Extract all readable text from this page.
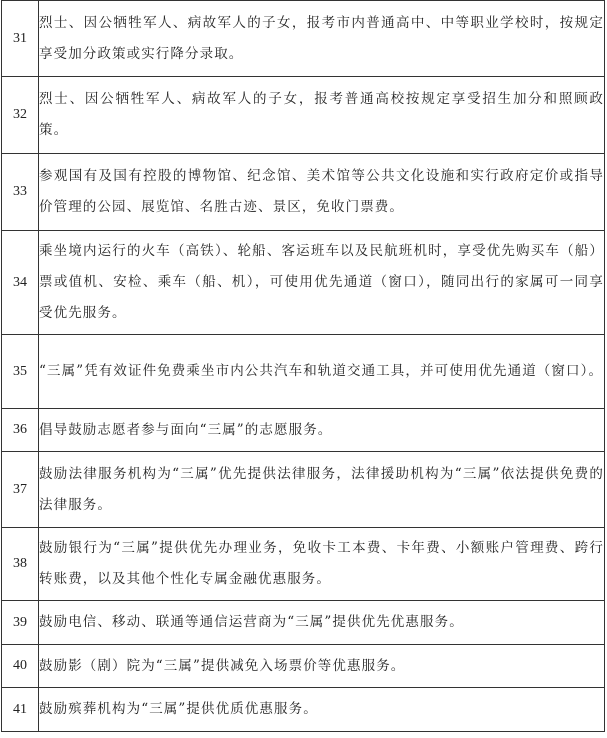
31	烈士、因公牺牲军人、病故军人的子女，报考市内普通高中、中等职业学校时，按规定享受加分政策或实行降分录取。
32	烈士、因公牺牲军人、病故军人的子女，报考普通高校按规定享受招生加分和照顾政策。
33	参观国有及国有控股的博物馆、纪念馆、美术馆等公共文化设施和实行政府定价或指导价管理的公园、展览馆、名胜古迹、景区，免收门票费。
34	乘坐境内运行的火车（高铁）、轮船、客运班车以及民航班机时，享受优先购买车（船）票或值机、安检、乘车（船、机），可使用优先通道（窗口），随同出行的家属可一同享受优先服务。
35	“三属”凭有效证件免费乘坐市内公共汽车和轨道交通工具，并可使用优先通道（窗口）。
36	倡导鼓励志愿者参与面向“三属”的志愿服务。
37	鼓励法律服务机构为“三属”优先提供法律服务，法律援助机构为“三属”依法提供免费的法律服务。
38	鼓励银行为“三属”提供优先办理业务，免收卡工本费、卡年费、小额账户管理费、跨行转账费，以及其他个性化专属金融优惠服务。
39	鼓励电信、移动、联通等通信运营商为“三属”提供优先优惠服务。
40	鼓励影（剧）院为“三属”提供减免入场票价等优惠服务。
41	鼓励殡葬机构为“三属”提供优质优惠服务。
